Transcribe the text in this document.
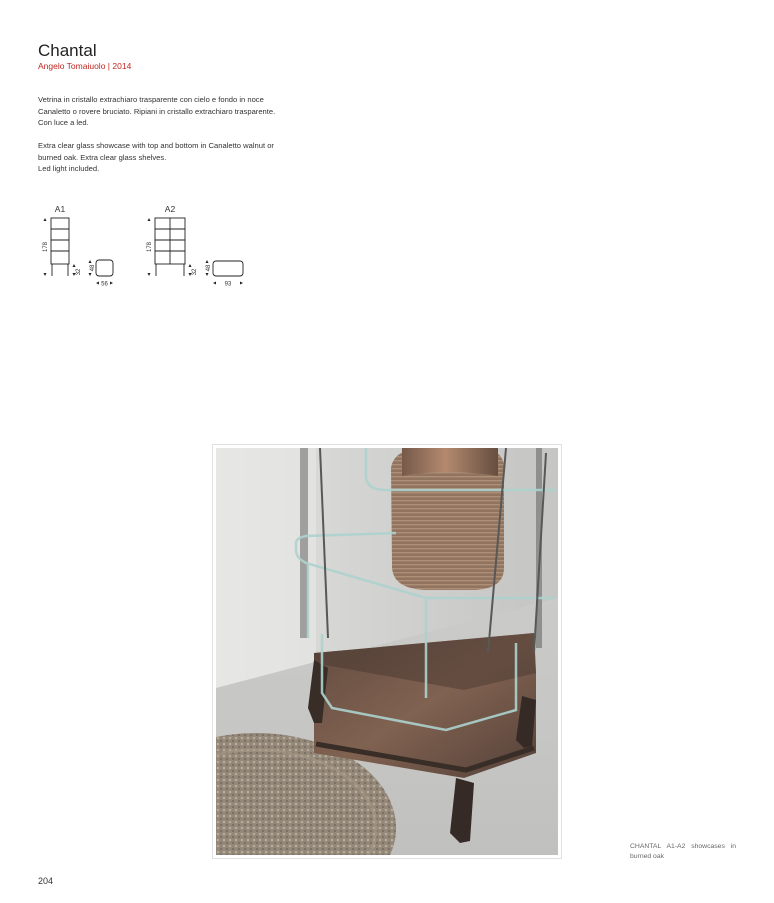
Chantal
Angelo Tomaiuolo | 2014

Vetrina in cristallo extrachiaro trasparente con cielo e fondo in noce
Canaletto o rovere bruciato. Ripiani in cristallo extrachiaro trasparente.
Con luce a led.

Extra clear glass showcase with top and bottom in Canaletto walnut or
burned oak. Extra clear glass shelves.
Led light included.

A1
178
32
48
56
A2
178
32
48
93
CHANTAL A1-A2 showcases in burned oak
204
